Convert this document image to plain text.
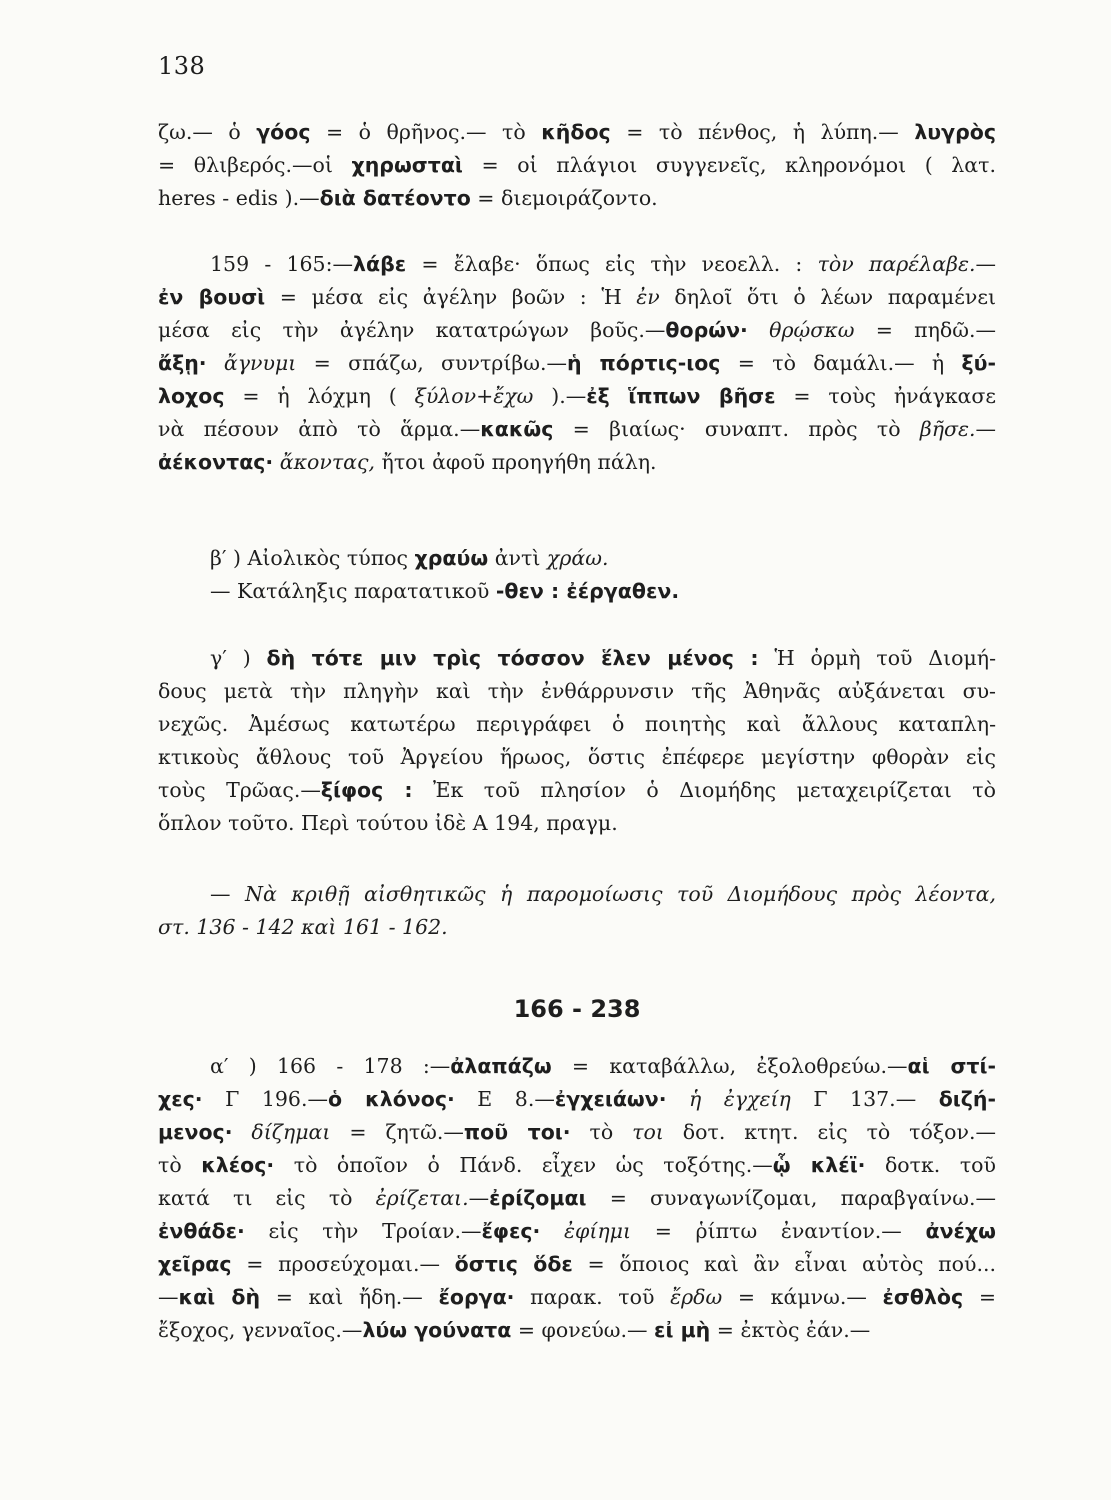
138
ζω.— ὁ γόος = ὁ θρῆνος.— τὸ κῆδος = τὸ πένθος, ἡ λύπη.— λυγρὸς
= θλιβερός.—οἱ χηρωσταὶ = οἱ πλάγιοι συγγενεῖς, κληρονόμοι ( λατ.
heres - edis ).—διὰ δατέοντο = διεμοιράζοντο.
159 - 165:—λάβε = ἔλαβε· ὅπως εἰς τὴν νεοελλ. : τὸν παρέλαβε.—
ἐν βουσὶ = μέσα εἰς ἀγέλην βοῶν : Ἡ ἐν δηλοῖ ὅτι ὁ λέων παραμένει
μέσα εἰς τὴν ἀγέλην κατατρώγων βοῦς.—θορών· θρῴσκω = πηδῶ.—
ἄξῃ· ἄγνυμι = σπάζω, συντρίβω.—ἡ πόρτις-ιος = τὸ δαμάλι.— ἡ ξύ-
λοχος = ἡ λόχμη ( ξύλον+ἔχω ).—ἐξ ἵππων βῆσε = τοὺς ἠνάγκασε
νὰ πέσουν ἀπὸ τὸ ἅρμα.—κακῶς = βιαίως· συναπτ. πρὸς τὸ βῆσε.—
ἀέκοντας· ἄκοντας, ἤτοι ἀφοῦ προηγήθη πάλη.
β′ ) Αἰολικὸς τύπος χραύω ἀντὶ χράω.
— Κατάληξις παρατατικοῦ -θεν : ἐέργαθεν.
γ′ ) δὴ τότε μιν τρὶς τόσσον ἕλεν μένος : Ἡ ὁρμὴ τοῦ Διομή-
δους μετὰ τὴν πληγὴν καὶ τὴν ἐνθάρρυνσιν τῆς Ἀθηνᾶς αὐξάνεται συ-
νεχῶς. Ἀμέσως κατωτέρω περιγράφει ὁ ποιητὴς καὶ ἄλλους καταπλη-
κτικοὺς ἄθλους τοῦ Ἀργείου ἥρωος, ὅστις ἐπέφερε μεγίστην φθορὰν εἰς
τοὺς Τρῶας.—ξίφος : Ἐκ τοῦ πλησίον ὁ Διομήδης μεταχειρίζεται τὸ
ὅπλον τοῦτο. Περὶ τούτου ἰδὲ Α 194, πραγμ.
— Νὰ κριθῇ αἰσθητικῶς ἡ παρομοίωσις τοῦ Διομήδους πρὸς λέοντα,
στ. 136 - 142 καὶ 161 - 162.
166 - 238
α′ ) 166 - 178 :—ἀλαπάζω = καταβάλλω, ἐξολοθρεύω.—αἱ στί-
χες· Γ 196.—ὁ κλόνος· Ε 8.—ἐγχειάων· ἡ ἐγχείη Γ 137.— διζή-
μενος· δίζημαι = ζητῶ.—ποῦ τοι· τὸ τοι δοτ. κτητ. εἰς τὸ τόξον.—
τὸ κλέος· τὸ ὁποῖον ὁ Πάνδ. εἶχεν ὡς τοξότης.—ᾧ κλέϊ· δοτκ. τοῦ
κατά τι εἰς τὸ ἐρίζεται.—ἐρίζομαι = συναγωνίζομαι, παραβγαίνω.—
ἐνθάδε· εἰς τὴν Τροίαν.—ἔφες· ἐφίημι = ῥίπτω ἐναντίον.— ἀνέχω
χεῖρας = προσεύχομαι.— ὅστις ὅδε = ὅποιος καὶ ἂν εἶναι αὐτὸς πού...
—καὶ δὴ = καὶ ἤδη.— ἔοργα· παρακ. τοῦ ἔρδω = κάμνω.— ἐσθλὸς =
ἔξοχος, γενναῖος.—λύω γούνατα = φονεύω.— εἰ μὴ = ἐκτὸς ἐάν.—
